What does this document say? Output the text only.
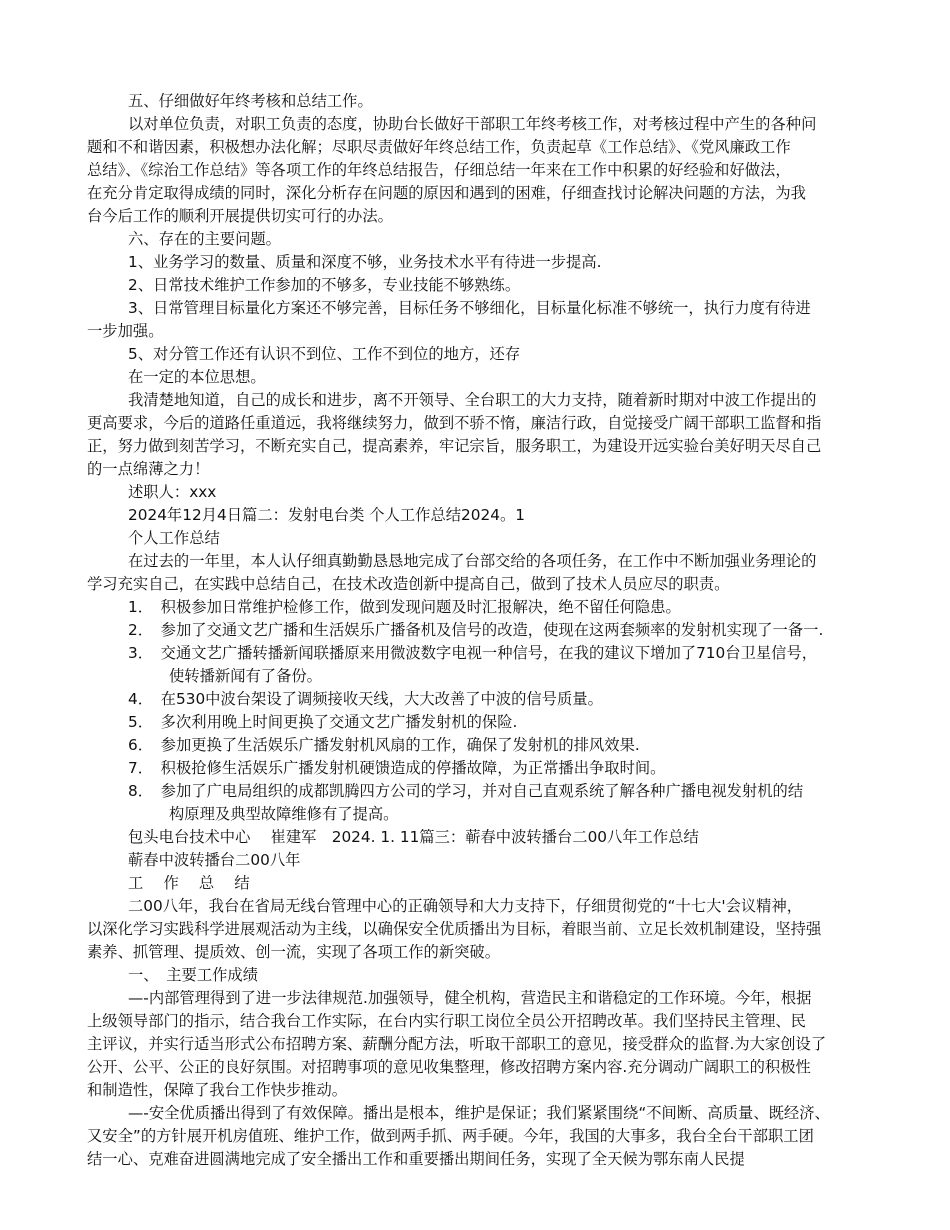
五、仔细做好年终考核和总结工作。
以对单位负责，对职工负责的态度，协助台长做好干部职工年终考核工作，对考核过程中产生的各种问
题和不和谐因素，积极想办法化解；尽职尽责做好年终总结工作，负责起草《工作总结》、《党风廉政工作
总结》、《综治工作总结》等各项工作的年终总结报告，仔细总结一年来在工作中积累的好经验和好做法，
在充分肯定取得成绩的同时，深化分析存在问题的原因和遇到的困难，仔细查找讨论解决问题的方法，为我
台今后工作的顺利开展提供切实可行的办法。
六、存在的主要问题。
1、业务学习的数量、质量和深度不够，业务技术水平有待进一步提高.
2、日常技术维护工作参加的不够多，专业技能不够熟练。
3、日常管理目标量化方案还不够完善，目标任务不够细化，目标量化标准不够统一，执行力度有待进
一步加强。
5、对分管工作还有认识不到位、工作不到位的地方，还存
在一定的本位思想。
我清楚地知道，自己的成长和进步，离不开领导、全台职工的大力支持，随着新时期对中波工作提出的
更高要求，今后的道路任重道远，我将继续努力，做到不骄不惰，廉洁行政，自觉接受广阔干部职工监督和指
正，努力做到刻苦学习，不断充实自己，提高素养，牢记宗旨，服务职工，为建设开远实验台美好明天尽自己
的一点绵薄之力！
述职人：xxx
2024年12月4日篇二：发射电台类 个人工作总结2024。1
个人工作总结
在过去的一年里，本人认仔细真勤勤恳恳地完成了台部交给的各项任务，在工作中不断加强业务理论的
学习充实自己，在实践中总结自己，在技术改造创新中提高自己，做到了技术人员应尽的职责。
1．　积极参加日常维护检修工作，做到发现问题及时汇报解决，绝不留任何隐患。
2．　参加了交通文艺广播和生活娱乐广播备机及信号的改造，使现在这两套频率的发射机实现了一备一.
3．　交通文艺广播转播新闻联播原来用微波数字电视一种信号，在我的建议下增加了710台卫星信号，
使转播新闻有了备份。
4．　在530中波台架设了调频接收天线，大大改善了中波的信号质量。
5．　多次利用晚上时间更换了交通文艺广播发射机的保险.
6．　参加更换了生活娱乐广播发射机风扇的工作，确保了发射机的排风效果.
7．　积极抢修生活娱乐广播发射机硬馈造成的停播故障，为正常播出争取时间。
8．　参加了广电局组织的成都凯腾四方公司的学习，并对自己直观系统了解各种广播电视发射机的结
构原理及典型故障维修有了提高。
包头电台技术中心　 崔建军　2024. 1. 11篇三：蕲春中波转播台二00八年工作总结
蕲春中波转播台二00八年
工　 作　 总　 结
二00八年，我台在省局无线台管理中心的正确领导和大力支持下，仔细贯彻党的“十七大'会议精神，
以深化学习实践科学进展观活动为主线，以确保安全优质播出为目标，着眼当前、立足长效机制建设，坚持强
素养、抓管理、提质效、创一流，实现了各项工作的新突破。
一、　主要工作成绩
—-内部管理得到了进一步法律规范.加强领导，健全机构，营造民主和谐稳定的工作环境。今年，根据
上级领导部门的指示，结合我台工作实际，在台内实行职工岗位全员公开招聘改革。我们坚持民主管理、民
主评议，并实行适当形式公布招聘方案、薪酬分配方法，听取干部职工的意见，接受群众的监督.为大家创设了
公开、公平、公正的良好氛围。对招聘事项的意见收集整理，修改招聘方案内容.充分调动广阔职工的积极性
和制造性，保障了我台工作快步推动。
—-安全优质播出得到了有效保障。播出是根本，维护是保证；我们紧紧围绕“不间断、高质量、既经济、
又安全”的方针展开机房值班、维护工作，做到两手抓、两手硬。今年，我国的大事多，我台全台干部职工团
结一心、克难奋进圆满地完成了安全播出工作和重要播出期间任务，实现了全天候为鄂东南人民提
